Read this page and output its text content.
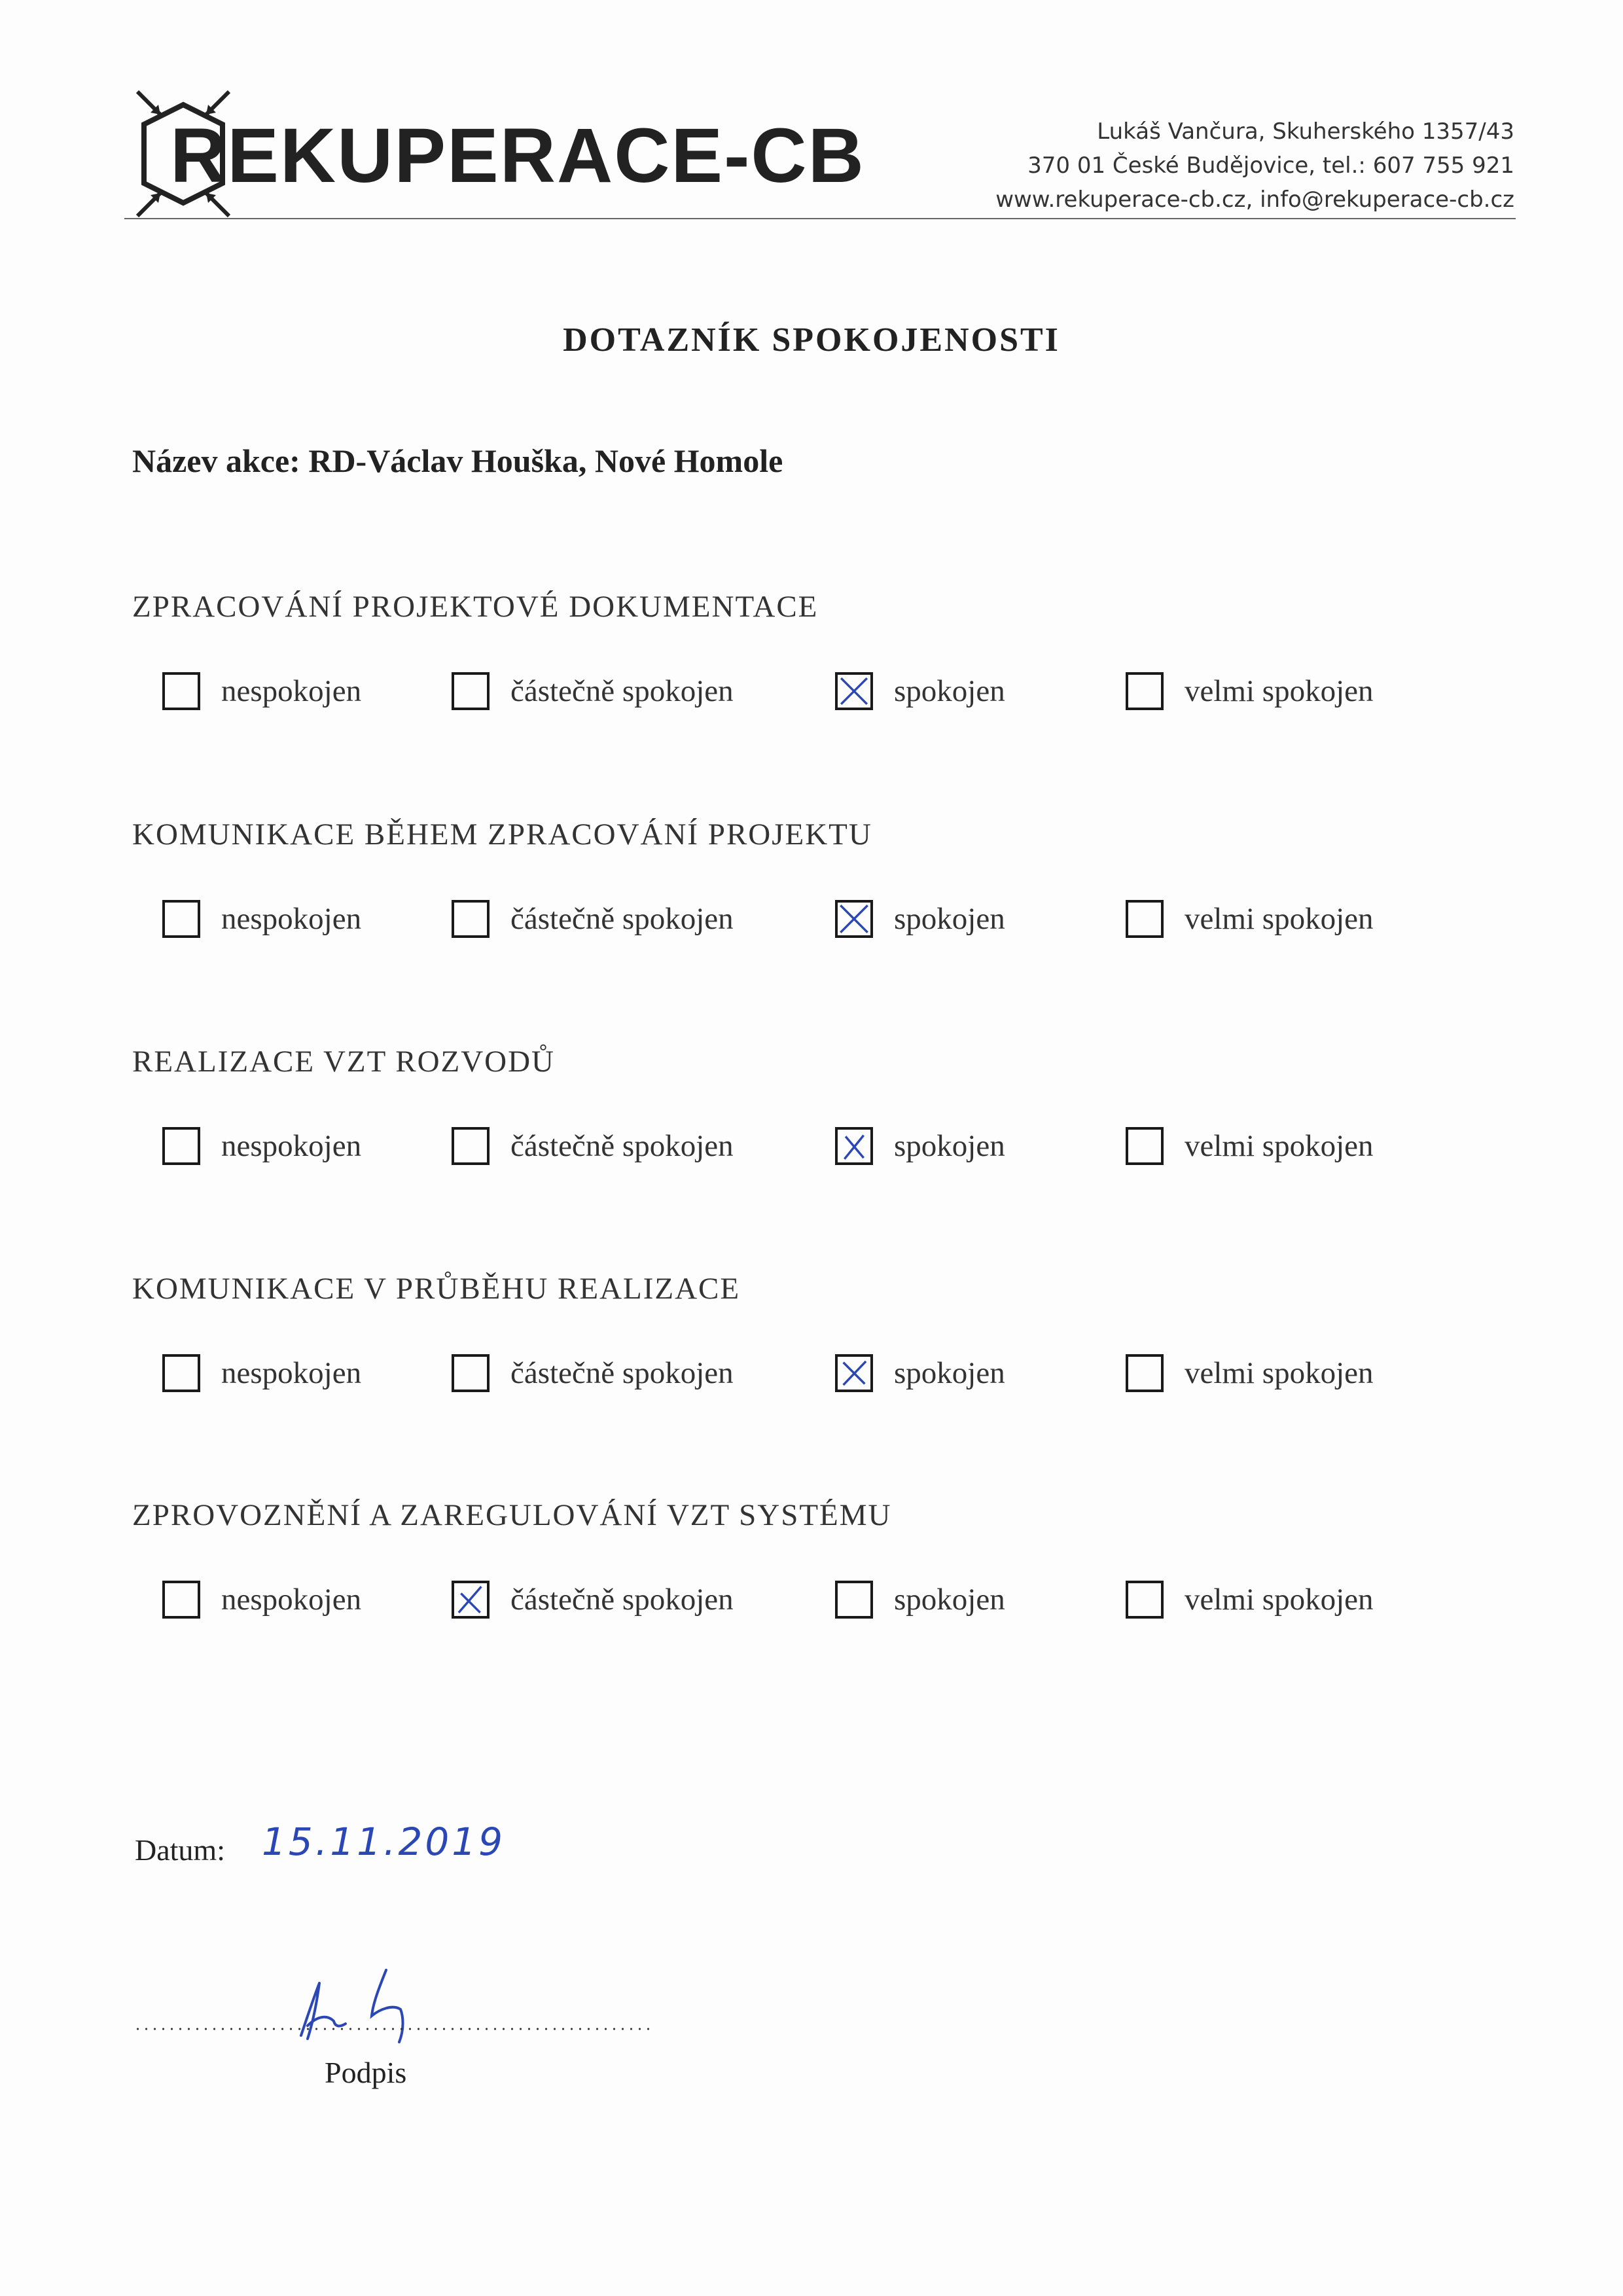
REKUPERACE-CB	Lukáš Vančura, Skuherského 1357/43
370 01 České Budějovice, tel.: 607 755 921
www.rekuperace-cb.cz, info@rekuperace-cb.cz
DOTAZNÍK SPOKOJENOSTI
Název akce: RD-Václav Houška, Nové Homole
ZPRACOVÁNÍ PROJEKTOVÉ DOKUMENTACE
nespokojen	částečně spokojen	spokojen	velmi spokojen
KOMUNIKACE BĚHEM ZPRACOVÁNÍ PROJEKTU
nespokojen	částečně spokojen	spokojen	velmi spokojen
REALIZACE VZT ROZVODŮ
nespokojen	částečně spokojen	spokojen	velmi spokojen
KOMUNIKACE V PRŮBĚHU REALIZACE
nespokojen	částečně spokojen	spokojen	velmi spokojen
ZPROVOZNĚNÍ A ZAREGULOVÁNÍ VZT SYSTÉMU
nespokojen	částečně spokojen	spokojen	velmi spokojen
Datum: 15.11.2019
Podpis
